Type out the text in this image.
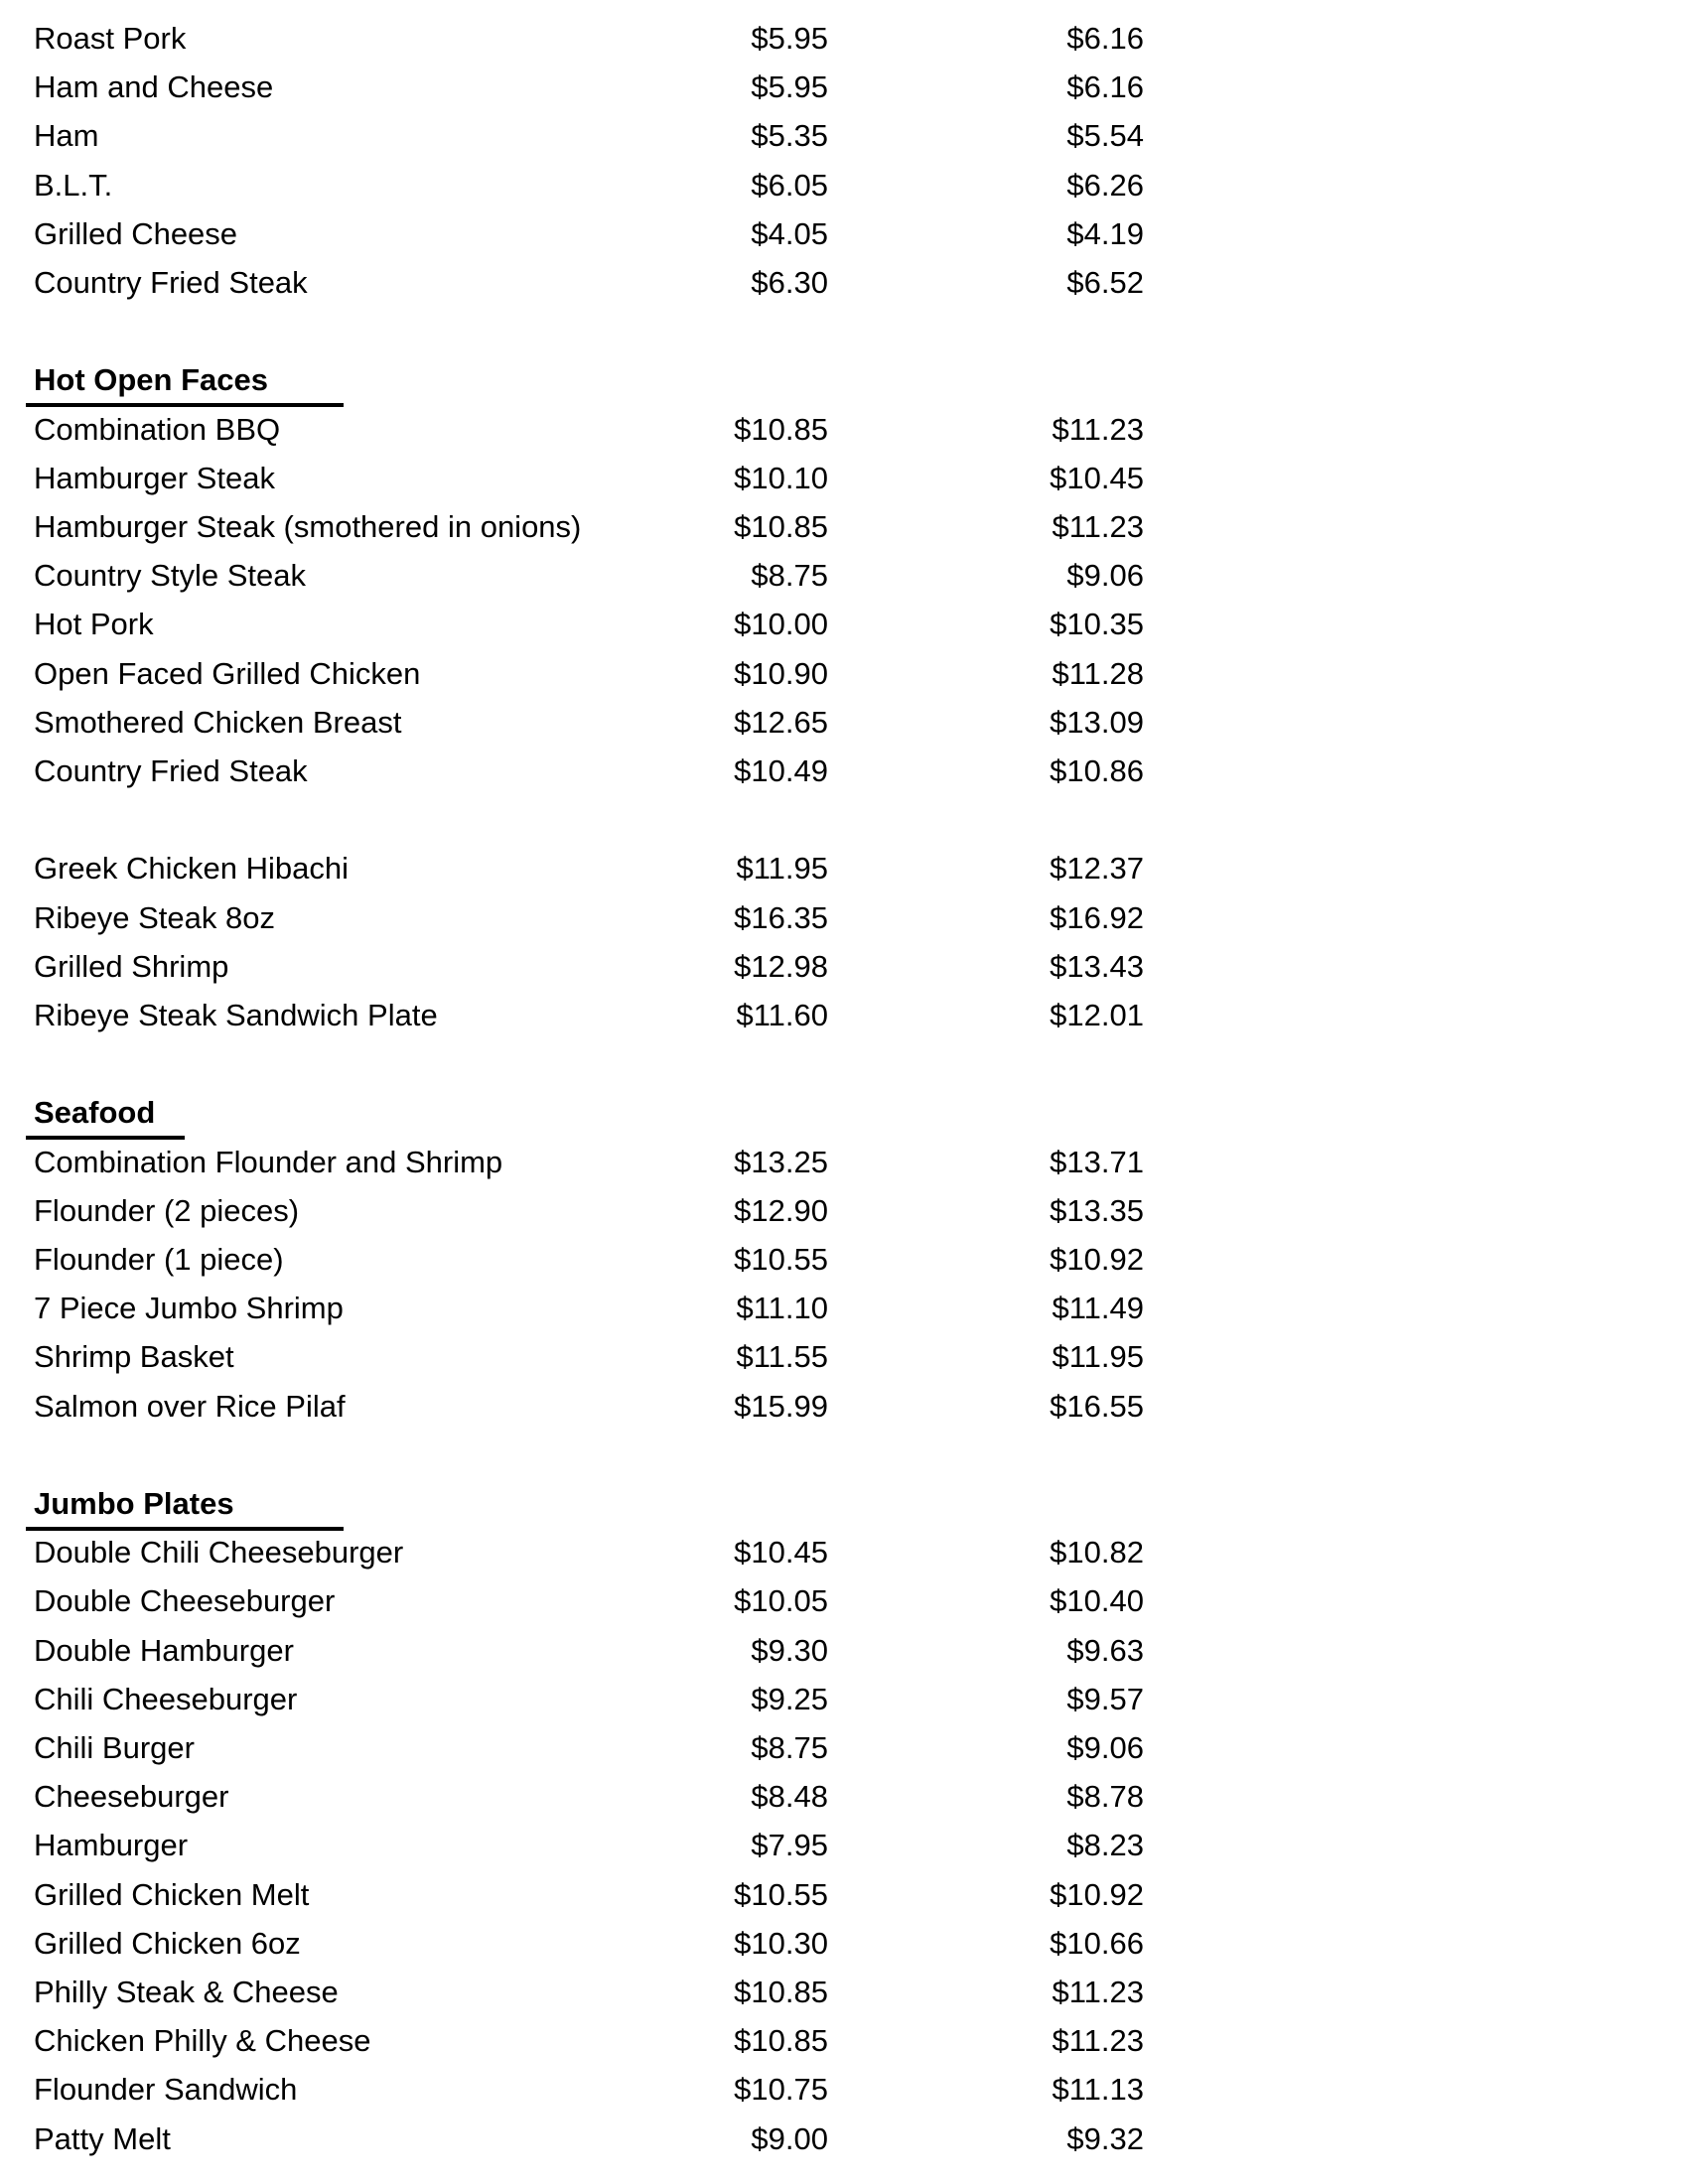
Roast Pork	$5.95	$6.16
Ham and Cheese	$5.95	$6.16
Ham	$5.35	$5.54
B.L.T.	$6.05	$6.26
Grilled Cheese	$4.05	$4.19
Country Fried Steak	$6.30	$6.52
Hot Open Faces
Combination BBQ	$10.85	$11.23
Hamburger Steak	$10.10	$10.45
Hamburger Steak (smothered in onions)	$10.85	$11.23
Country Style Steak	$8.75	$9.06
Hot Pork	$10.00	$10.35
Open Faced Grilled Chicken	$10.90	$11.28
Smothered Chicken Breast	$12.65	$13.09
Country Fried Steak	$10.49	$10.86
Greek Chicken Hibachi	$11.95	$12.37
Ribeye Steak 8oz	$16.35	$16.92
Grilled Shrimp	$12.98	$13.43
Ribeye Steak Sandwich Plate	$11.60	$12.01
Seafood
Combination Flounder and Shrimp	$13.25	$13.71
Flounder (2 pieces)	$12.90	$13.35
Flounder (1 piece)	$10.55	$10.92
7 Piece Jumbo Shrimp	$11.10	$11.49
Shrimp Basket	$11.55	$11.95
Salmon over Rice Pilaf	$15.99	$16.55
Jumbo Plates
Double Chili Cheeseburger	$10.45	$10.82
Double Cheeseburger	$10.05	$10.40
Double Hamburger	$9.30	$9.63
Chili Cheeseburger	$9.25	$9.57
Chili Burger	$8.75	$9.06
Cheeseburger	$8.48	$8.78
Hamburger	$7.95	$8.23
Grilled Chicken Melt	$10.55	$10.92
Grilled Chicken 6oz	$10.30	$10.66
Philly Steak & Cheese	$10.85	$11.23
Chicken Philly & Cheese	$10.85	$11.23
Flounder Sandwich	$10.75	$11.13
Patty Melt	$9.00	$9.32
